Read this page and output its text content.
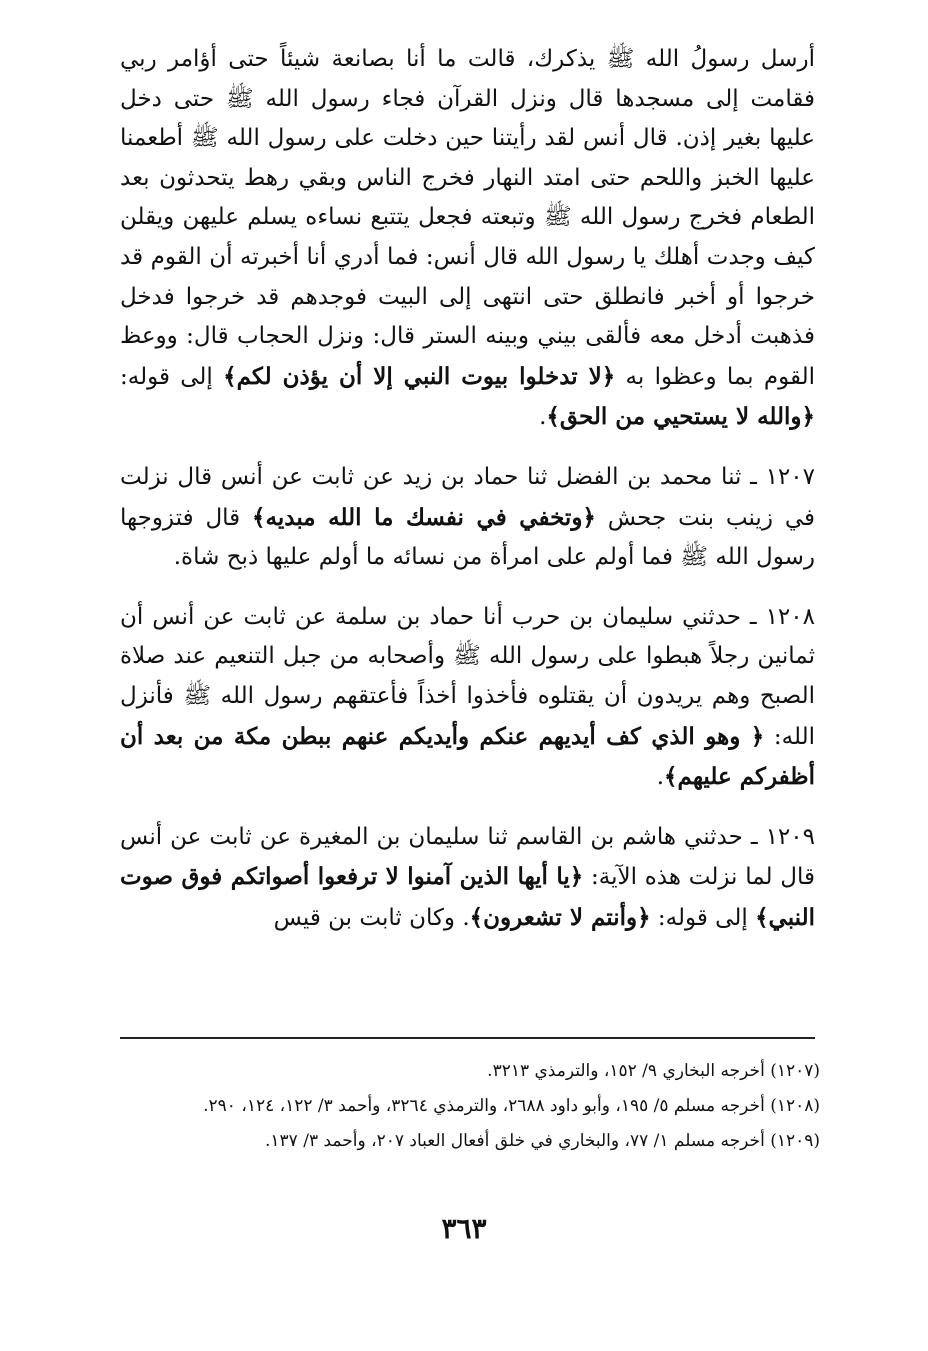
أرسل رسولُ الله ﷺ يذكرك، قالت ما أنا بصانعة شيئاً حتى أؤامر ربي فقامت إلى مسجدها قال ونزل القرآن فجاء رسول الله ﷺ حتى دخل عليها بغير إذن. قال أنس لقد رأيتنا حين دخلت على رسول الله ﷺ أطعمنا عليها الخبز واللحم حتى امتد النهار فخرج الناس وبقي رهط يتحدثون بعد الطعام فخرج رسول الله ﷺ وتبعته فجعل يتتبع نساءه يسلم عليهن ويقلن كيف وجدت أهلك يا رسول الله قال أنس: فما أدري أنا أخبرته أن القوم قد خرجوا أو أخبر فانطلق حتى انتهى إلى البيت فوجدهم قد خرجوا فدخل فذهبت أدخل معه فألقى بيني وبينه الستر قال: ونزل الحجاب قال: ووعظ القوم بما وعظوا به ﴿لا تدخلوا بيوت النبي إلا أن يؤذن لكم﴾ إلى قوله: ﴿والله لا يستحيي من الحق﴾.

١٢٠٧ ـ ثنا محمد بن الفضل ثنا حماد بن زيد عن ثابت عن أنس قال نزلت في زينب بنت جحش ﴿وتخفي في نفسك ما الله مبديه﴾ قال فتزوجها رسول الله ﷺ فما أولم على امرأة من نسائه ما أولم عليها ذبح شاة.

١٢٠٨ ـ حدثني سليمان بن حرب أنا حماد بن سلمة عن ثابت عن أنس أن ثمانين رجلاً هبطوا على رسول الله ﷺ وأصحابه من جبل التنعيم عند صلاة الصبح وهم يريدون أن يقتلوه فأخذوا أخذاً فأعتقهم رسول الله ﷺ فأنزل الله: ﴿ وهو الذي كف أيديهم عنكم وأيديكم عنهم ببطن مكة من بعد أن أظفركم عليهم﴾.

١٢٠٩ ـ حدثني هاشم بن القاسم ثنا سليمان بن المغيرة عن ثابت عن أنس قال لما نزلت هذه الآية: ﴿يا أيها الذين آمنوا لا ترفعوا أصواتكم فوق صوت النبي﴾ إلى قوله: ﴿وأنتم لا تشعرون﴾. وكان ثابت بن قيس

(١٢٠٧) أخرجه البخاري ٩/ ١٥٢، والترمذي ٣٢١٣.

(١٢٠٨) أخرجه مسلم ٥/ ١٩٥، وأبو داود ٢٦٨٨، والترمذي ٣٢٦٤، وأحمد ٣/ ١٢٢، ١٢٤، ٢٩٠.

(١٢٠٩) أخرجه مسلم ١/ ٧٧، والبخاري في خلق أفعال العباد ٢٠٧، وأحمد ٣/ ١٣٧.

٣٦٣
